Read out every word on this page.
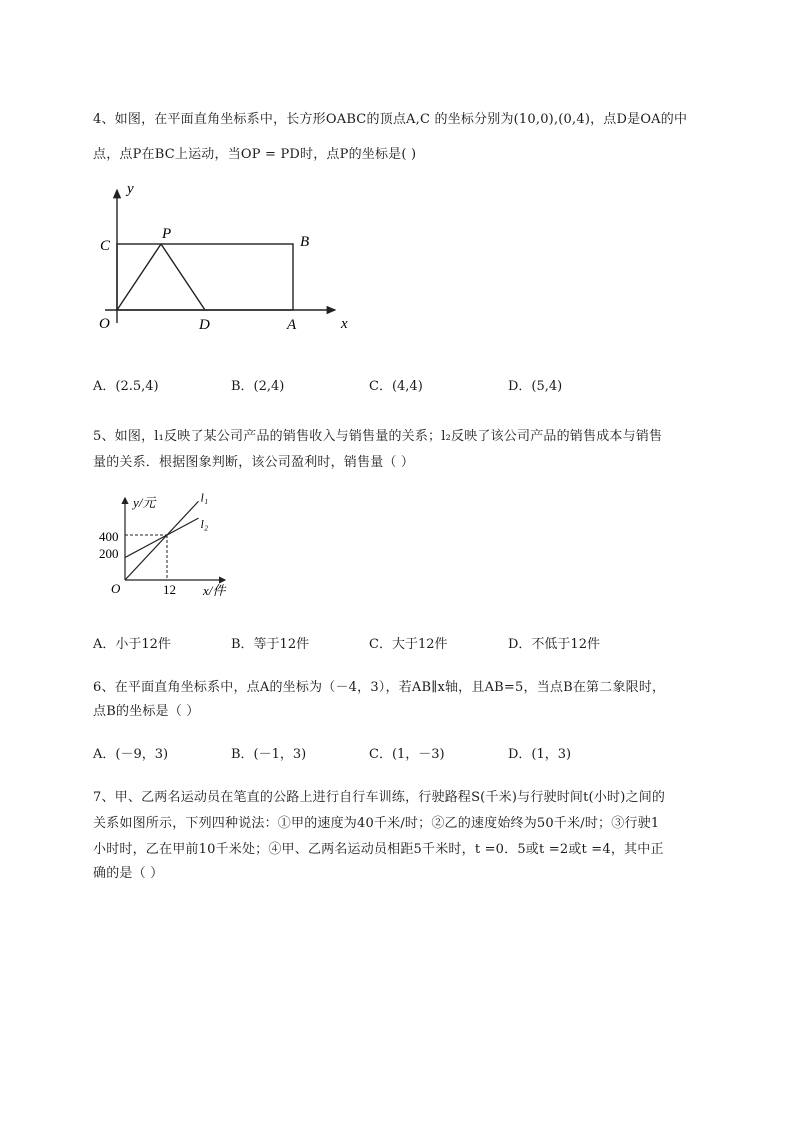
4、如图，在平面直角坐标系中，长方形OABC的顶点A,C 的坐标分别为(10,0),(0,4)，点D是OA的中
点，点P在BC上运动，当OP = PD时，点P的坐标是( )
y
x
O
C
P	B
D	A
A．(2.5,4)	B．(2,4)	C．(4,4)	D．(5,4)
5、如图，l₁反映了某公司产品的销售收入与销售量的关系；l₂反映了该公司产品的销售成本与销售
量的关系．根据图象判断，该公司盈利时，销售量（ ）
l₁
l₂
y/元
x/件
O
200
400
12
A．小于12件	B．等于12件	C．大于12件	D．不低于12件
6、在平面直角坐标系中，点A的坐标为（－4，3），若AB∥x轴，且AB=5，当点B在第二象限时，
点B的坐标是（ ）
A．(－9，3)	B．(－1，3)	C．(1，－3)	D．(1，3)
7、甲、乙两名运动员在笔直的公路上进行自行车训练，行驶路程S(千米)与行驶时间t(小时)之间的
关系如图所示，下列四种说法：①甲的速度为40千米/时；②乙的速度始终为50千米/时；③行驶1
小时时，乙在甲前10千米处；④甲、乙两名运动员相距5千米时，t =0．5或t =2或t =4，其中正
确的是（ ）
